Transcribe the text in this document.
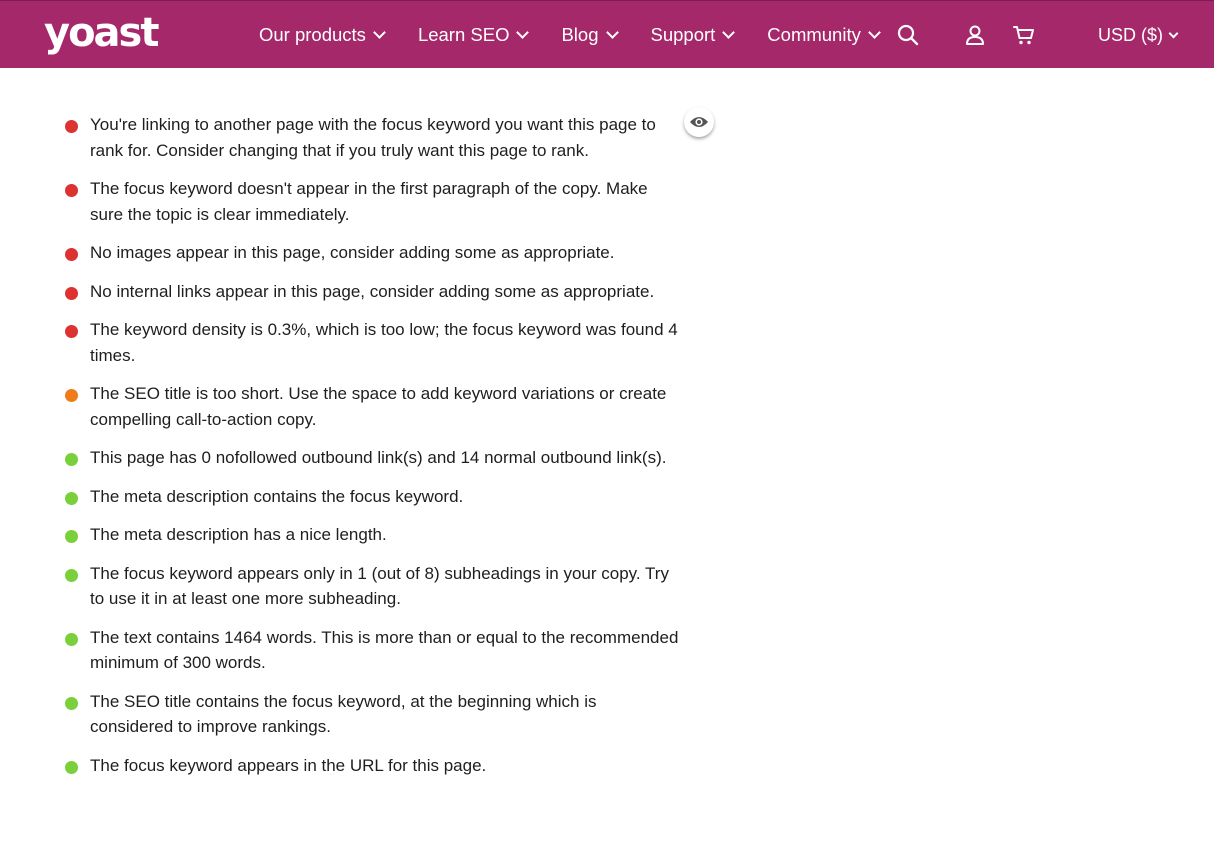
yoast	Our products	Learn SEO	Blog	Support	Community	USD ($)
You're linking to another page with the focus keyword you want this page to rank for. Consider changing that if you truly want this page to rank.
The focus keyword doesn't appear in the first paragraph of the copy. Make sure the topic is clear immediately.
No images appear in this page, consider adding some as appropriate.
No internal links appear in this page, consider adding some as appropriate.
The keyword density is 0.3%, which is too low; the focus keyword was found 4 times.
The SEO title is too short. Use the space to add keyword variations or create compelling call-to-action copy.
This page has 0 nofollowed outbound link(s) and 14 normal outbound link(s).
The meta description contains the focus keyword.
The meta description has a nice length.
The focus keyword appears only in 1 (out of 8) subheadings in your copy. Try to use it in at least one more subheading.
The text contains 1464 words. This is more than or equal to the recommended minimum of 300 words.
The SEO title contains the focus keyword, at the beginning which is considered to improve rankings.
The focus keyword appears in the URL for this page.
